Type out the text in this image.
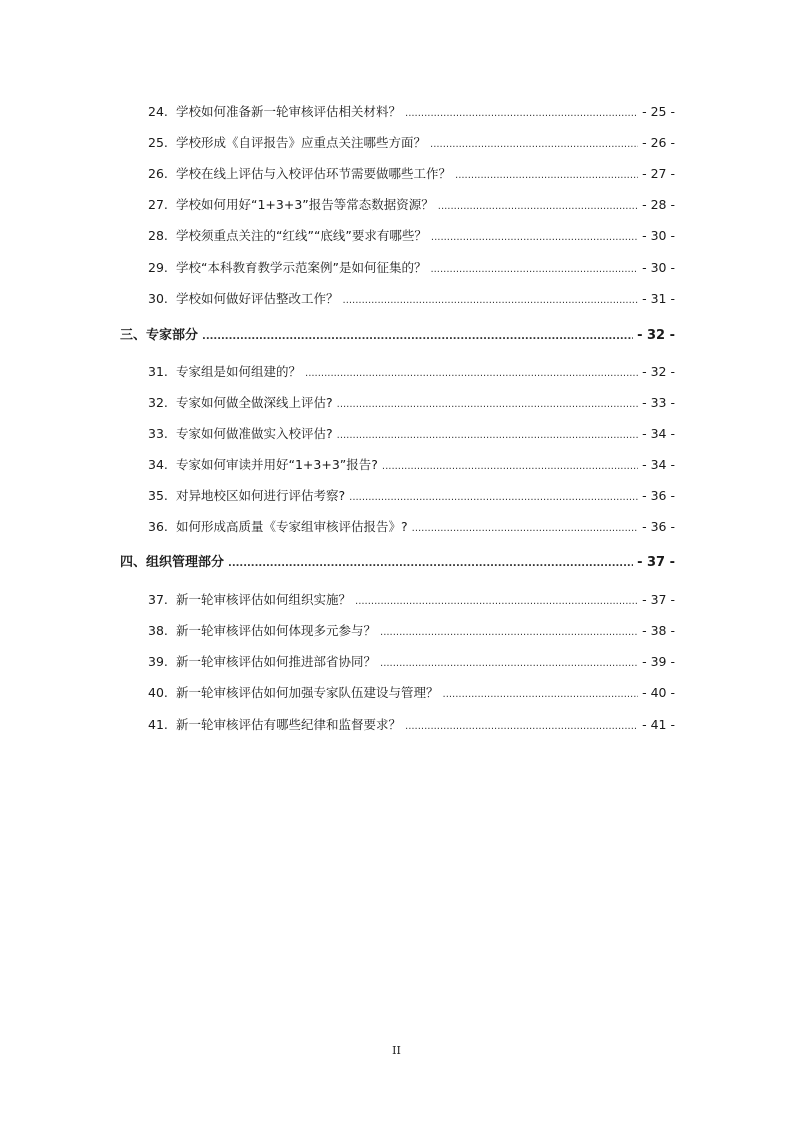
24. 学校如何准备新一轮审核评估相关材料？ .....	- 25 -
25. 学校形成《自评报告》应重点关注哪些方面？ .....	- 26 -
26. 学校在线上评估与入校评估环节需要做哪些工作？ .....	- 27 -
27. 学校如何用好“1+3+3”报告等常态数据资源？ .....	- 28 -
28. 学校须重点关注的“红线”“底线”要求有哪些？ .....	- 30 -
29. 学校“本科教育教学示范案例”是如何征集的？ .....	- 30 -
30. 学校如何做好评估整改工作？ .....	- 31 -
三、专家部分 .....	- 32 -
31. 专家组是如何组建的？ .....	- 32 -
32. 专家如何做全做深线上评估? .....	- 33 -
33. 专家如何做准做实入校评估? .....	- 34 -
34. 专家如何审读并用好“1+3+3”报告? .....	- 34 -
35. 对异地校区如何进行评估考察? .....	- 36 -
36. 如何形成高质量《专家组审核评估报告》? .....	- 36 -
四、组织管理部分 .....	- 37 -
37. 新一轮审核评估如何组织实施？ .....	- 37 -
38. 新一轮审核评估如何体现多元参与？ .....	- 38 -
39. 新一轮审核评估如何推进部省协同？ .....	- 39 -
40. 新一轮审核评估如何加强专家队伍建设与管理？ .....	- 40 -
41. 新一轮审核评估有哪些纪律和监督要求？ .....	- 41 -
II
